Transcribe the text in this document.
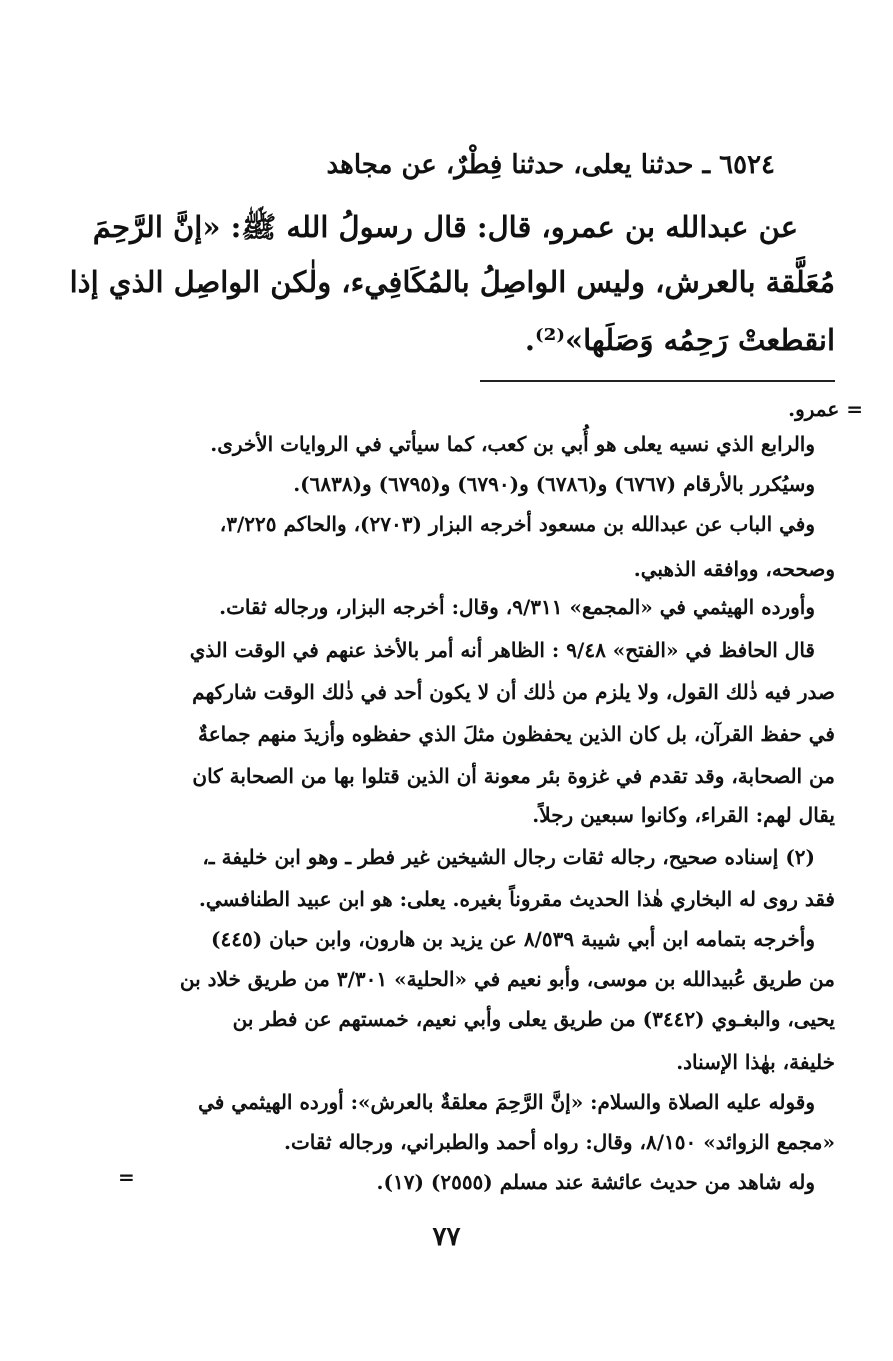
٦٥٢٤ ـ حدثنا يعلى، حدثنا فِطْرٌ، عن مجاهد
عن عبدالله بن عمرو، قال: قال رسولُ الله ﷺ: «إنَّ الرَّحِمَ
مُعَلَّقة بالعرش، وليس الواصِلُ بالمُكَافِيء، ولٰكن الواصِل الذي إذا
انقطعتْ رَحِمُه وَصَلَها»⁽²⁾.
= عمرو.
والرابع الذي نسيه يعلى هو أُبي بن كعب، كما سيأتي في الروايات الأخرى.
وسيُكرر بالأرقام (٦٧٦٧) و(٦٧٨٦) و(٦٧٩٠) و(٦٧٩٥) و(٦٨٣٨).
وفي الباب عن عبدالله بن مسعود أخرجه البزار (٢٧٠٣)، والحاكم ٣/٢٢٥،
وصححه، ووافقه الذهبي.
وأورده الهيثمي في «المجمع» ٩/٣١١، وقال: أخرجه البزار، ورجاله ثقات.
قال الحافظ في «الفتح» ٩/٤٨ : الظاهر أنه أمر بالأخذ عنهم في الوقت الذي
صدر فيه ذٰلك القول، ولا يلزم من ذٰلك أن لا يكون أحد في ذٰلك الوقت شاركهم
في حفظ القرآن، بل كان الذين يحفظون مثلَ الذي حفظوه وأزيدَ منهم جماعةٌ
من الصحابة، وقد تقدم في غزوة بئر معونة أن الذين قتلوا بها من الصحابة كان
يقال لهم: القراء، وكانوا سبعين رجلاً.
(٢) إسناده صحيح، رجاله ثقات رجال الشيخين غير فطر ـ وهو ابن خليفة ـ،
فقد روى له البخاري هٰذا الحديث مقروناً بغيره. يعلى: هو ابن عبيد الطنافسي.
وأخرجه بتمامه ابن أبي شيبة ٨/٥٣٩ عن يزيد بن هارون، وابن حبان (٤٤٥)
من طريق عُبيدالله بن موسى، وأبو نعيم في «الحلية» ٣/٣٠١ من طريق خلاد بن
يحيى، والبغـوي (٣٤٤٢) من طريق يعلى وأبي نعيم، خمستهم عن فطر بن
خليفة، بهٰذا الإسناد.
وقوله عليه الصلاة والسلام: «إنَّ الرَّحِمَ معلقةٌ بالعرش»: أورده الهيثمي في
«مجمع الزوائد» ٨/١٥٠، وقال: رواه أحمد والطبراني، ورجاله ثقات.
وله شاهد من حديث عائشة عند مسلم (٢٥٥٥) (١٧).
=
٧٧
